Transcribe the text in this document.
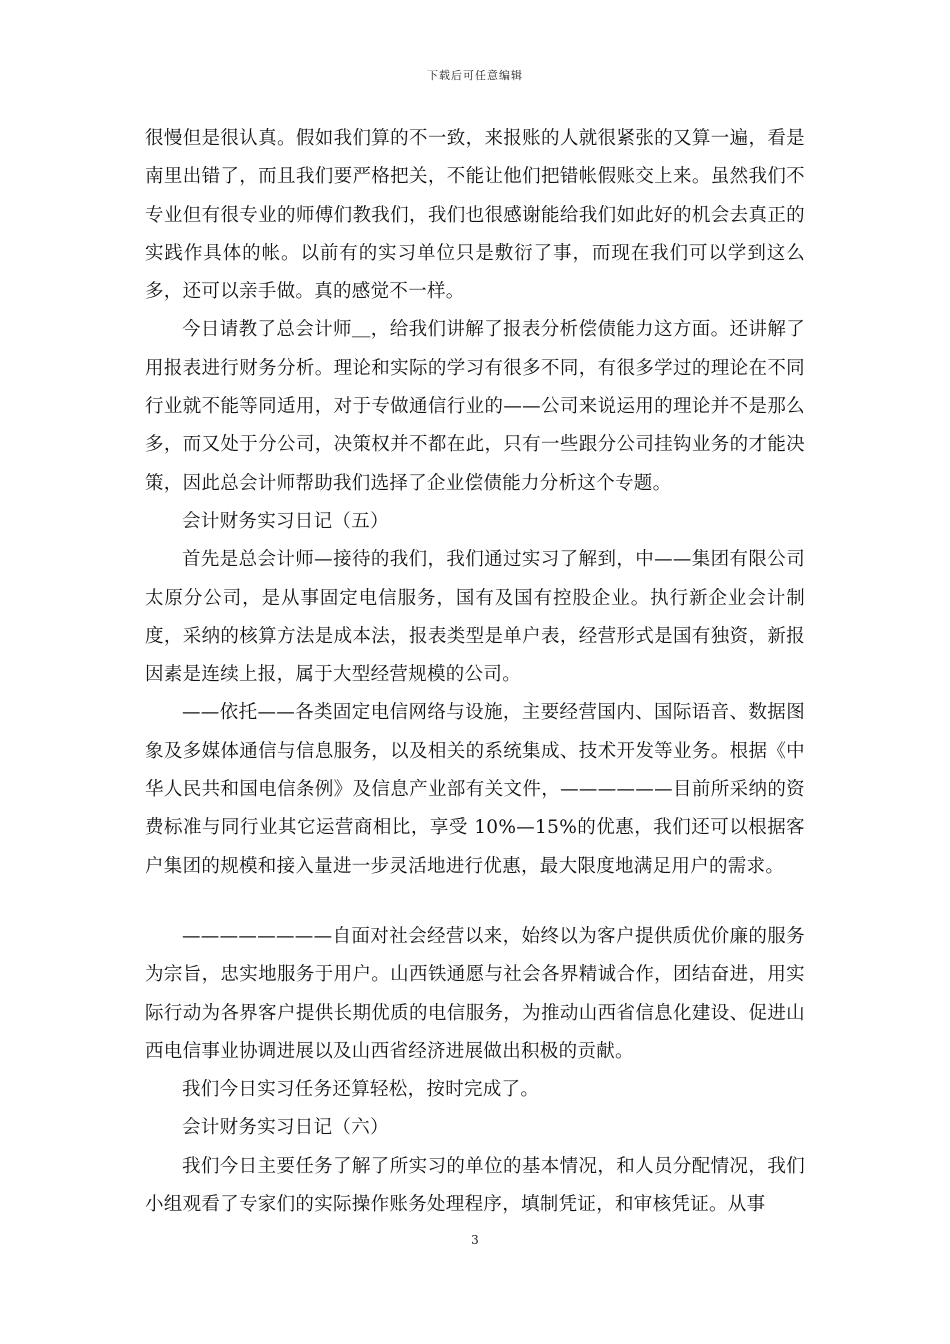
下载后可任意编辑

很慢但是很认真。假如我们算的不一致，来报账的人就很紧张的又算一遍，看是南里出错了，而且我们要严格把关，不能让他们把错帐假账交上来。虽然我们不专业但有很专业的师傅们教我们，我们也很感谢能给我们如此好的机会去真正的实践作具体的帐。以前有的实习单位只是敷衍了事，而现在我们可以学到这么多，还可以亲手做。真的感觉不一样。

今日请教了总会计师＿，给我们讲解了报表分析偿债能力这方面。还讲解了用报表进行财务分析。理论和实际的学习有很多不同，有很多学过的理论在不同行业就不能等同适用，对于专做通信行业的——公司来说运用的理论并不是那么多，而又处于分公司，决策权并不都在此，只有一些跟分公司挂钩业务的才能决策，因此总会计师帮助我们选择了企业偿债能力分析这个专题。

会计财务实习日记（五）

首先是总会计师—接待的我们，我们通过实习了解到，中——集团有限公司太原分公司，是从事固定电信服务，国有及国有控股企业。执行新企业会计制度，采纳的核算方法是成本法，报表类型是单户表，经营形式是国有独资，新报因素是连续上报，属于大型经营规模的公司。

——依托——各类固定电信网络与设施，主要经营国内、国际语音、数据图象及多媒体通信与信息服务，以及相关的系统集成、技术开发等业务。根据《中华人民共和国电信条例》及信息产业部有关文件，——————目前所采纳的资费标准与同行业其它运营商相比，享受 10%—15%的优惠，我们还可以根据客户集团的规模和接入量进一步灵活地进行优惠，最大限度地满足用户的需求。

————————自面对社会经营以来，始终以为客户提供质优价廉的服务为宗旨，忠实地服务于用户。山西铁通愿与社会各界精诚合作，团结奋进，用实际行动为各界客户提供长期优质的电信服务，为推动山西省信息化建设、促进山西电信事业协调进展以及山西省经济进展做出积极的贡献。

我们今日实习任务还算轻松，按时完成了。

会计财务实习日记（六）

我们今日主要任务了解了所实习的单位的基本情况，和人员分配情况，我们小组观看了专家们的实际操作账务处理程序，填制凭证，和审核凭证。从事

3
